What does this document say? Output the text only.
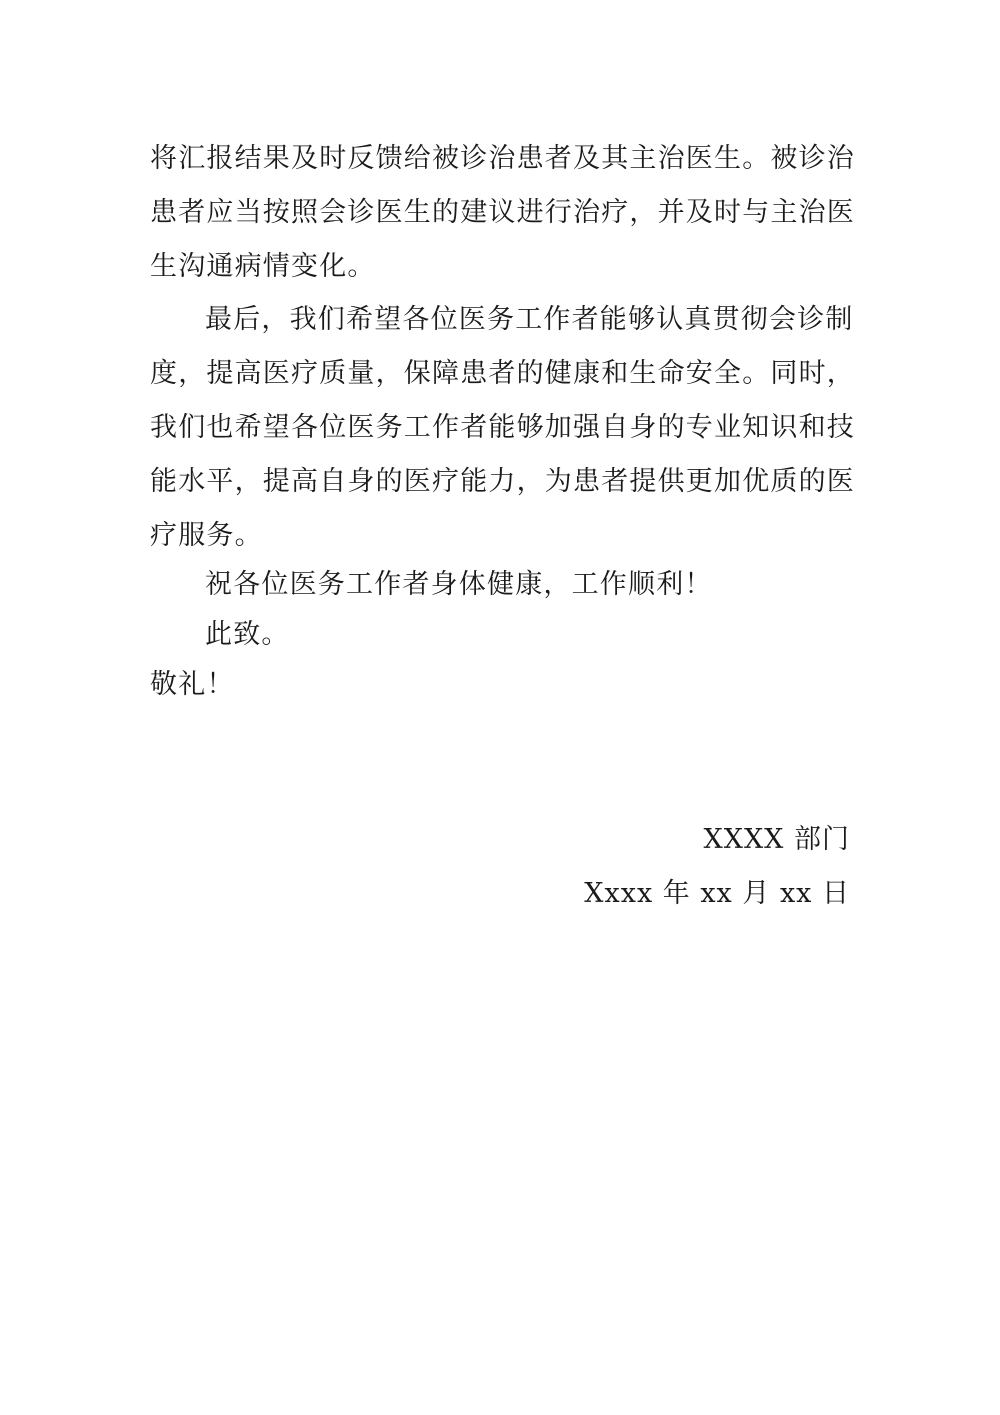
将汇报结果及时反馈给被诊治患者及其主治医生。被诊治
患者应当按照会诊医生的建议进行治疗，并及时与主治医
生沟通病情变化。
最后，我们希望各位医务工作者能够认真贯彻会诊制
度，提高医疗质量，保障患者的健康和生命安全。同时，
我们也希望各位医务工作者能够加强自身的专业知识和技
能水平，提高自身的医疗能力，为患者提供更加优质的医
疗服务。
祝各位医务工作者身体健康，工作顺利！
此致。
敬礼！
XXXX 部门
Xxxx 年 xx 月 xx 日
